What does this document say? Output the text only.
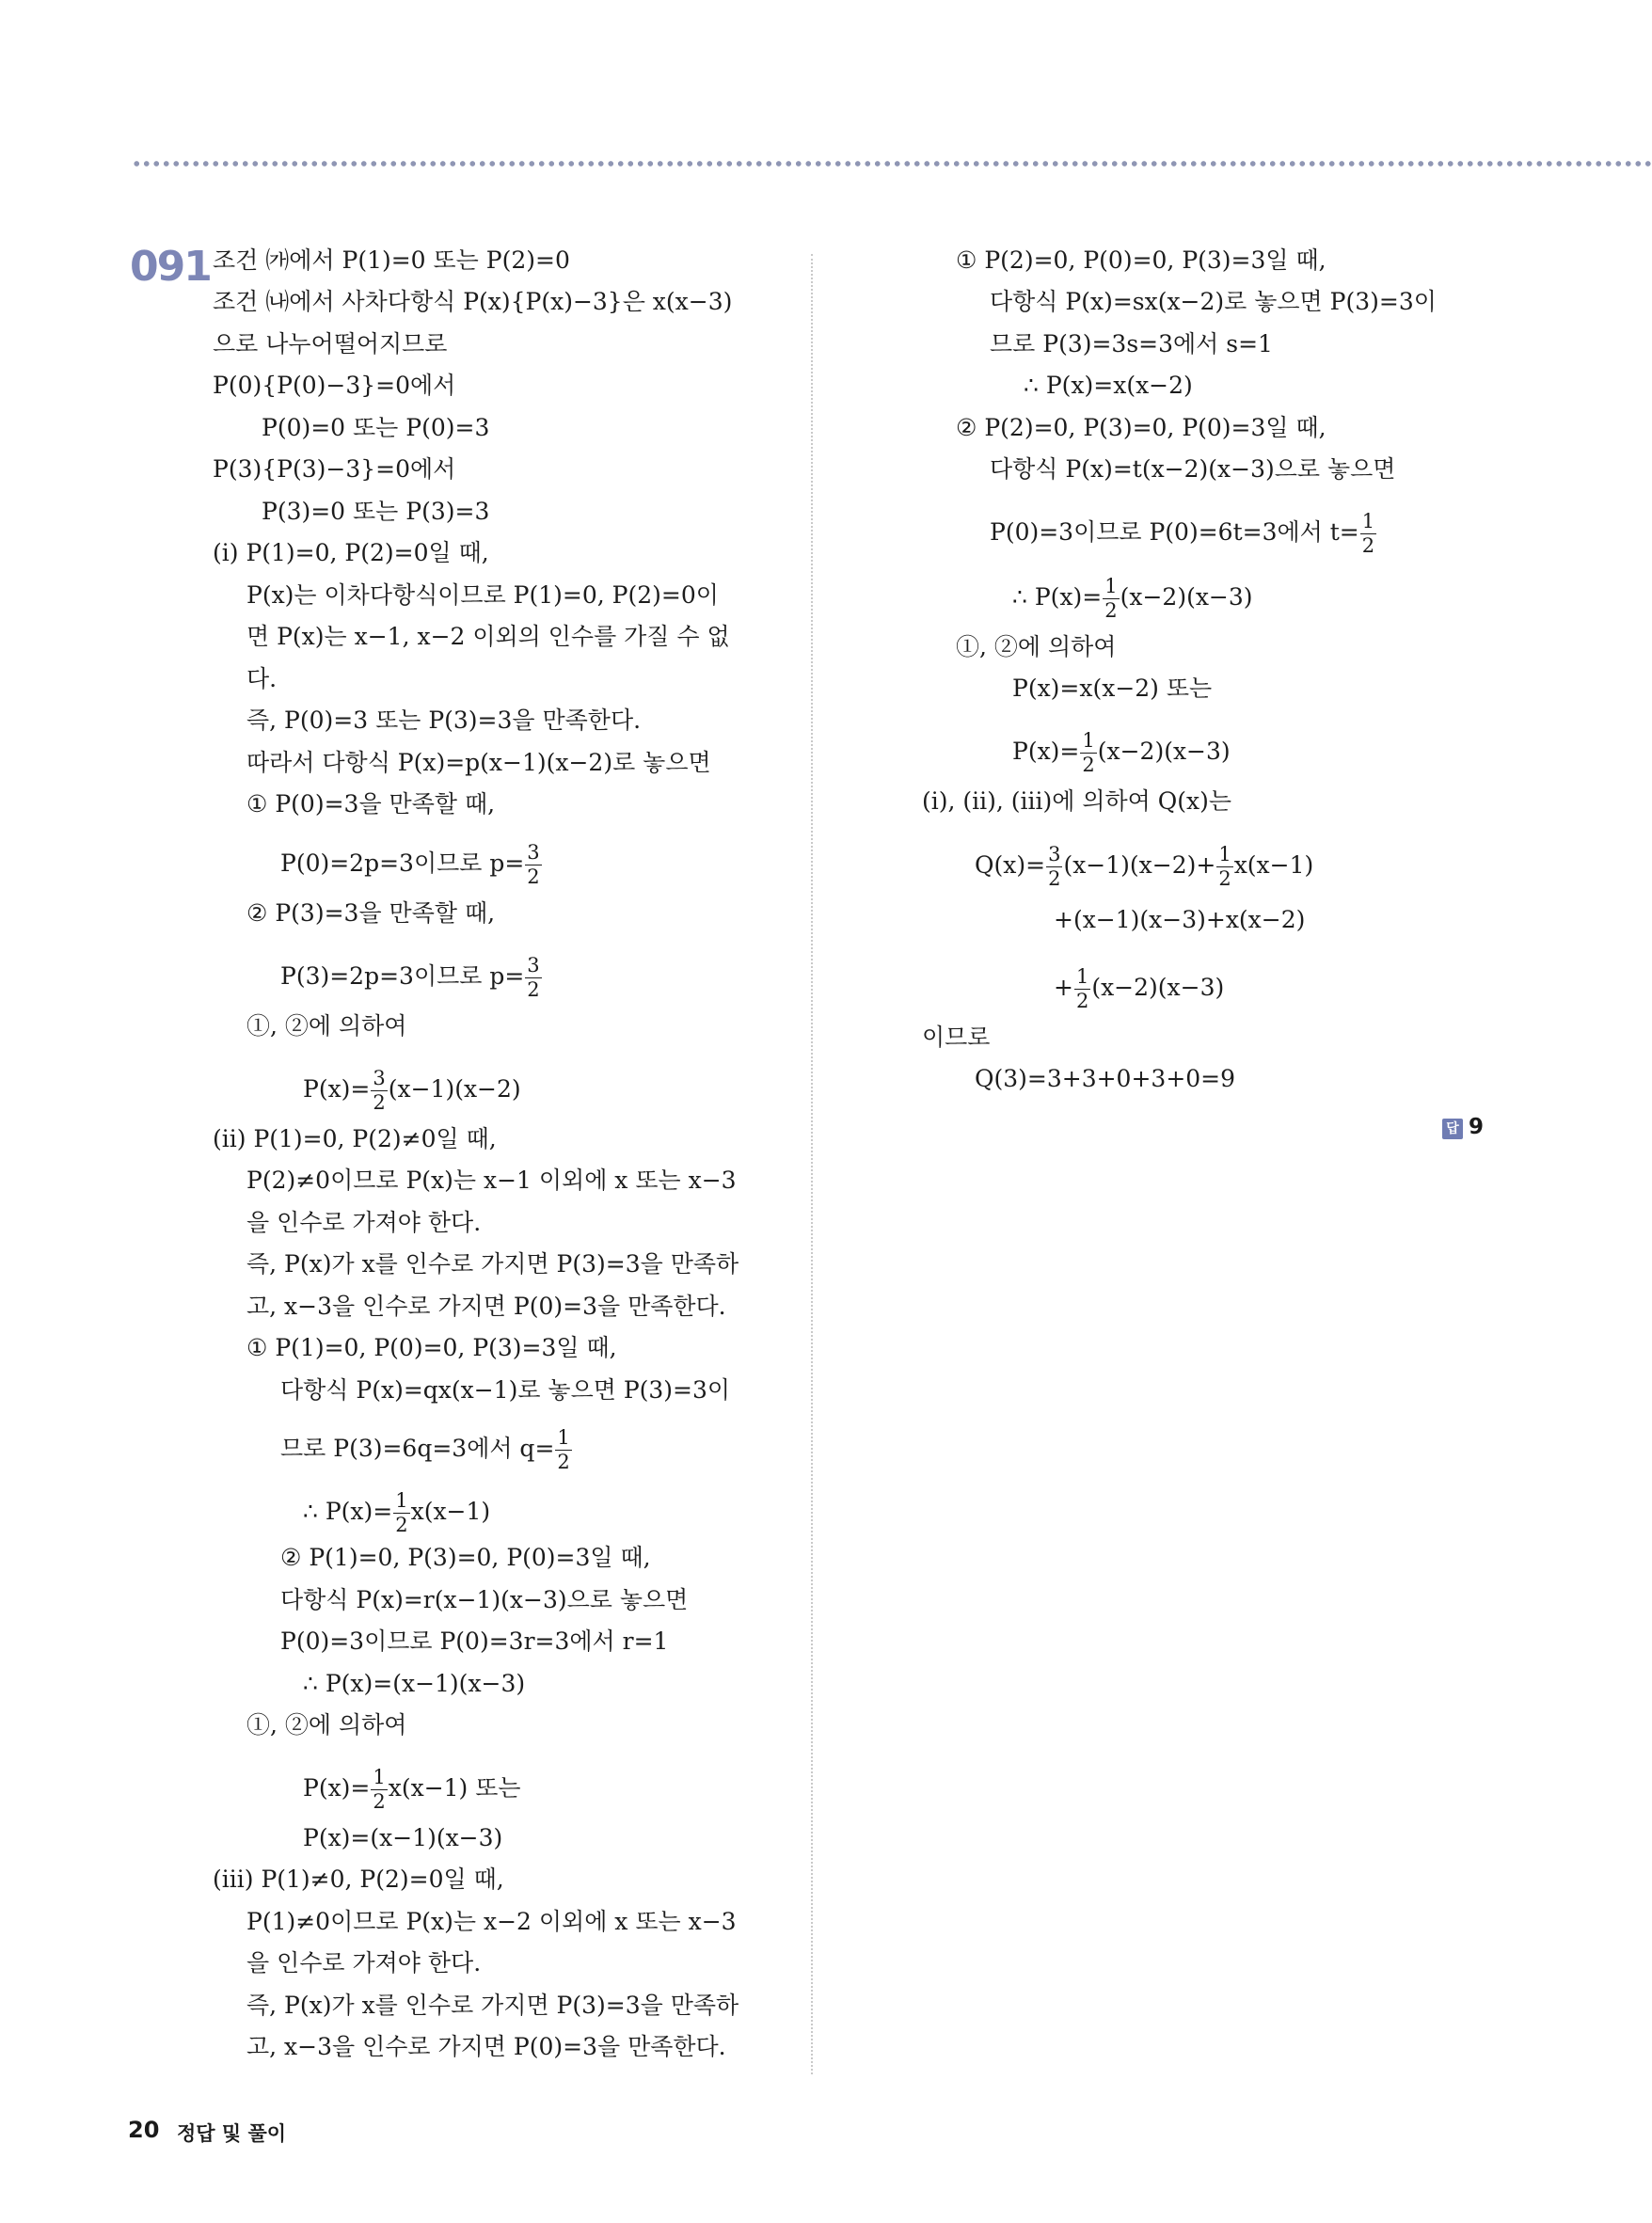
091 조건 ㈎에서 P(1)=0 또는 P(2)=0
조건 ㈏에서 사차다항식 P(x){P(x)−3}은 x(x−3)
으로 나누어떨어지므로
P(0){P(0)−3}=0에서
P(0)=0 또는 P(0)=3
P(3){P(3)−3}=0에서
P(3)=0 또는 P(3)=3
(ⅰ) P(1)=0, P(2)=0일 때,
P(x)는 이차다항식이므로 P(1)=0, P(2)=0이
면 P(x)는 x−1, x−2 이외의 인수를 가질 수 없
다.
즉, P(0)=3 또는 P(3)=3을 만족한다.
따라서 다항식 P(x)=p(x−1)(x−2)로 놓으면
① P(0)=3을 만족할 때,
P(0)=2p=3이므로 $p= \frac{3}{2}$
② P(3)=3을 만족할 때,
P(3)=2p=3이므로 $p= \frac{3}{2}$
①, ②에 의하여
$P(x)= \frac{3}{2} (x-1)(x-2)$
(ⅱ) P(1)=0, P(2)≠0일 때,
P(2)≠0이므로 P(x)는 x−1 이외에 x 또는 x−3
을 인수로 가져야 한다.
즉, P(x)가 x를 인수로 가지면 P(3)=3을 만족하
고, x−3을 인수로 가지면 P(0)=3을 만족한다.
① P(1)=0, P(0)=0, P(3)=3일 때,
다항식 P(x)=qx(x−1)로 놓으면 P(3)=3이
므로 P(3)=6q=3에서 $q= \frac{1}{2}$
∴ $P(x)= \frac{1}{2} x(x-1)$
② P(1)=0, P(3)=0, P(0)=3일 때,
다항식 P(x)=r(x−1)(x−3)으로 놓으면
P(0)=3이므로 P(0)=3r=3에서 r=1
∴ P(x)=(x−1)(x−3)
①, ②에 의하여
$P(x)= \frac{1}{2} x(x-1)$ 또는
P(x)=(x−1)(x−3)
(ⅲ) P(1)≠0, P(2)=0일 때,
P(1)≠0이므로 P(x)는 x−2 이외에 x 또는 x−3
을 인수로 가져야 한다.
즉, P(x)가 x를 인수로 가지면 P(3)=3을 만족하
고, x−3을 인수로 가지면 P(0)=3을 만족한다.
① P(2)=0, P(0)=0, P(3)=3일 때,
다항식 P(x)=sx(x−2)로 놓으면 P(3)=3이
므로 P(3)=3s=3에서 s=1
∴ P(x)=x(x−2)
② P(2)=0, P(3)=0, P(0)=3일 때,
다항식 P(x)=t(x−2)(x−3)으로 놓으면
P(0)=3이므로 P(0)=6t=3에서 $t= \frac{1}{2}$
∴ $P(x)= \frac{1}{2} (x-2)(x-3)$
①, ②에 의하여
P(x)=x(x−2) 또는
$P(x)= \frac{1}{2} (x-2)(x-3)$
(ⅰ), (ⅱ), (ⅲ)에 의하여 Q(x)는
$Q(x)= \frac{3}{2} (x-1)(x-2)+ \frac{1}{2} x(x-1)$
+(x−1)(x−3)+x(x−2)
+ $\frac{1}{2} (x-2)(x-3)$
이므로
Q(3)=3+3+0+3+0=9
답 9
20 정답 및 풀이
